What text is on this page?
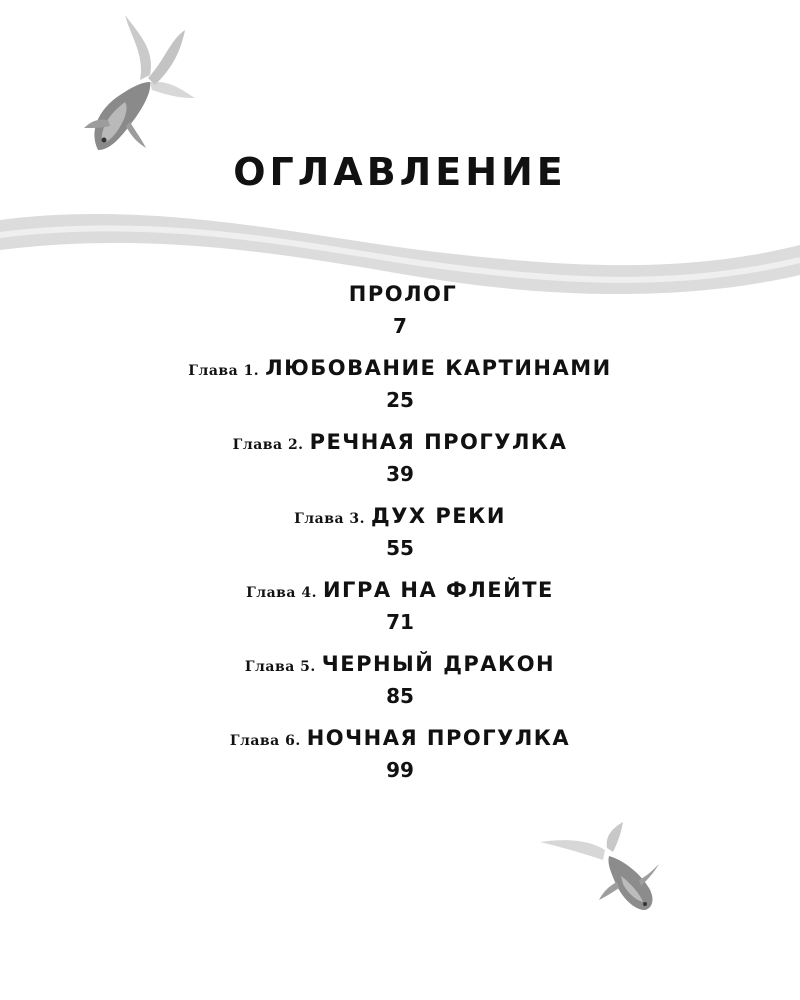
ОГЛАВЛЕНИЕ
ПРОЛОГ
7
Глава 1. ЛЮБОВАНИЕ КАРТИНАМИ
25
Глава 2. РЕЧНАЯ ПРОГУЛКА
39
Глава 3. ДУХ РЕКИ
55
Глава 4. ИГРА НА ФЛЕЙТЕ
71
Глава 5. ЧЕРНЫЙ ДРАКОН
85
Глава 6. НОЧНАЯ ПРОГУЛКА
99
